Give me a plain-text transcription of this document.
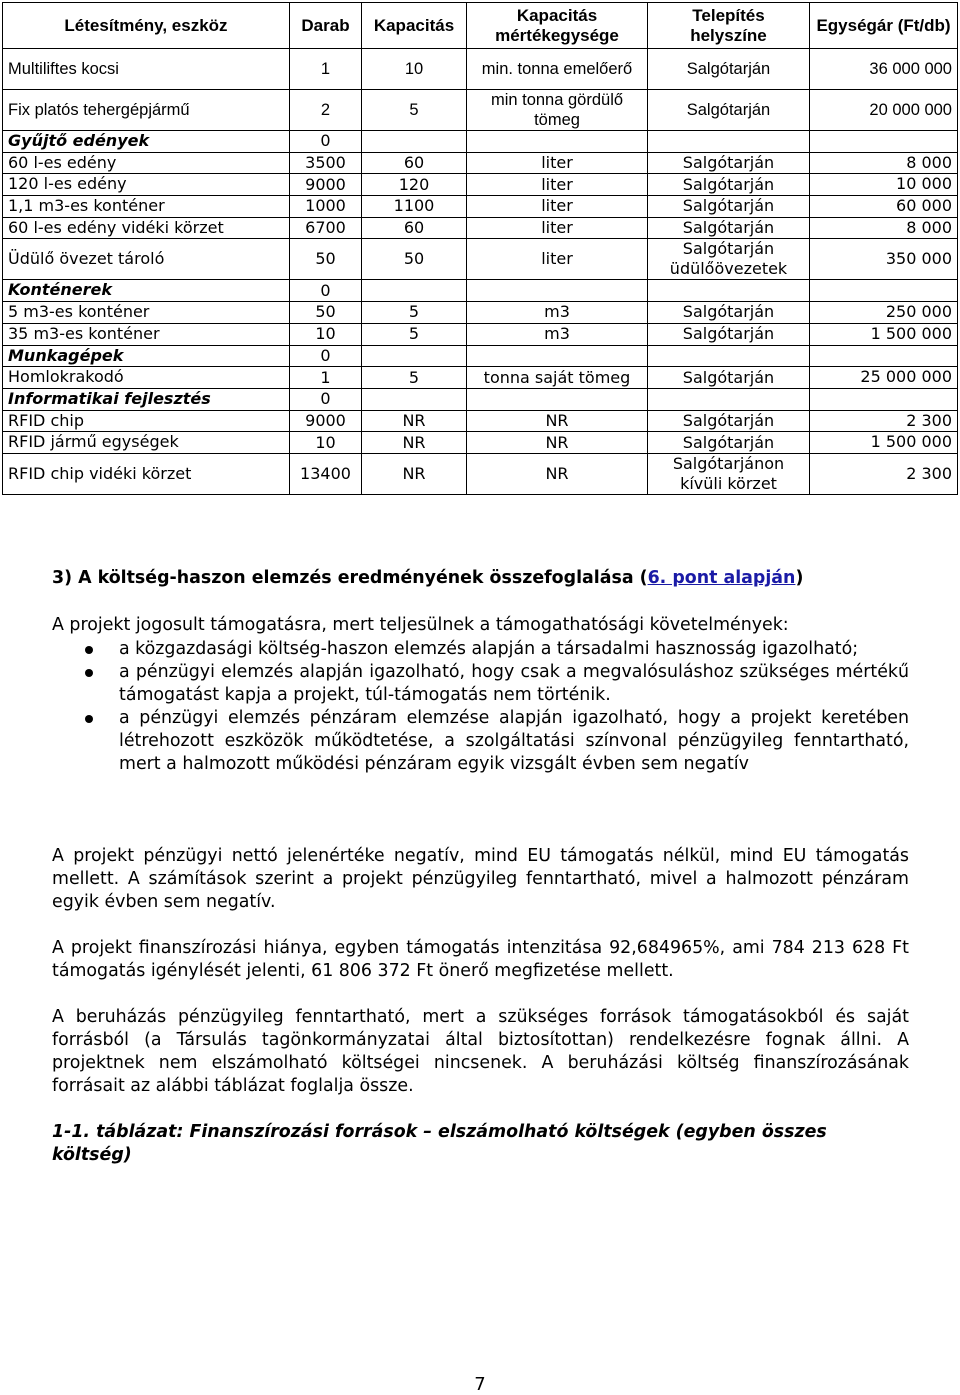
Létesítmény, eszköz	Darab	Kapacitás	Kapacitás mértékegysége	Telepítés helyszíne	Egységár (Ft/db)
Multiliftes kocsi	1	10	min. tonna emelőerő	Salgótarján	36 000 000
Fix platós tehergépjármű	2	5	min tonna gördülő tömeg	Salgótarján	20 000 000
Gyűjtő edények	0				
60 l-es edény	3500	60	liter	Salgótarján	8 000
120 l-es edény	9000	120	liter	Salgótarján	10 000
1,1 m3-es konténer	1000	1100	liter	Salgótarján	60 000
60 l-es edény vidéki körzet	6700	60	liter	Salgótarján	8 000
Üdülő övezet tároló	50	50	liter	Salgótarján üdülőövezetek	350 000
Konténerek	0				
5 m3-es konténer	50	5	m3	Salgótarján	250 000
35 m3-es konténer	10	5	m3	Salgótarján	1 500 000
Munkagépek	0				
Homlokrakodó	1	5	tonna saját tömeg	Salgótarján	25 000 000
Informatikai fejlesztés	0				
RFID chip	9000	NR	NR	Salgótarján	2 300
RFID jármű egységek	10	NR	NR	Salgótarján	1 500 000
RFID chip vidéki körzet	13400	NR	NR	Salgótarjánon kívüli körzet	2 300
3) A költség-haszon elemzés eredményének összefoglalása (6. pont alapján)
A projekt jogosult támogatásra, mert teljesülnek a támogathatósági követelmények:
a közgazdasági költség-haszon elemzés alapján a társadalmi hasznosság igazolható;
a pénzügyi elemzés alapján igazolható, hogy csak a megvalósuláshoz szükséges mértékű támogatást kapja a projekt, túl-támogatás nem történik.
a pénzügyi elemzés pénzáram elemzése alapján igazolható, hogy a projekt keretében létrehozott eszközök működtetése, a szolgáltatási színvonal pénzügyileg fenntartható, mert a halmozott működési pénzáram egyik vizsgált évben sem negatív
A projekt pénzügyi nettó jelenértéke negatív, mind EU támogatás nélkül, mind EU támogatás mellett. A számítások szerint a projekt pénzügyileg fenntartható, mivel a halmozott pénzáram egyik évben sem negatív.
A projekt finanszírozási hiánya, egyben támogatás intenzitása 92,684965%, ami 784 213 628 Ft támogatás igénylését jelenti, 61 806 372 Ft önerő megfizetése mellett.
A beruházás pénzügyileg fenntartható, mert a szükséges források támogatásokból és saját forrásból (a Társulás tagönkormányzatai által biztosítottan) rendelkezésre fognak állni. A projektnek nem elszámolható költségei nincsenek. A beruházási költség finanszírozásának forrásait az alábbi táblázat foglalja össze.
1-1. táblázat: Finanszírozási források – elszámolható költségek (egyben összes költség)
7
